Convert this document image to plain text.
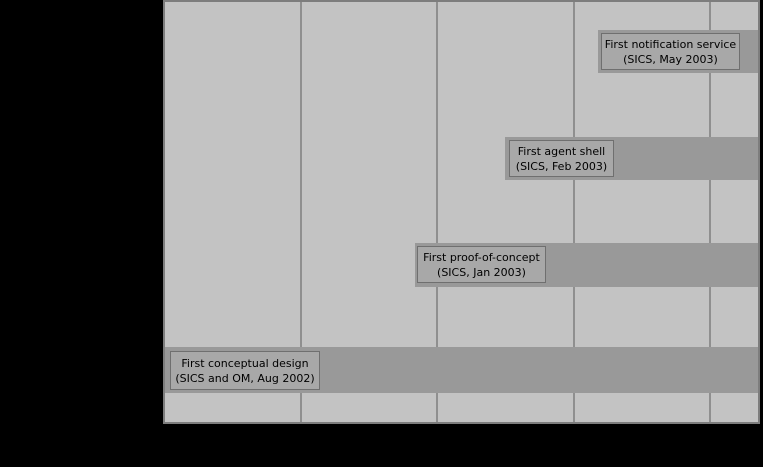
First notification service
(SICS, May 2003)
First agent shell
(SICS, Feb 2003)
First proof-of-concept
(SICS, Jan 2003)
First conceptual design
(SICS and OM, Aug 2002)
